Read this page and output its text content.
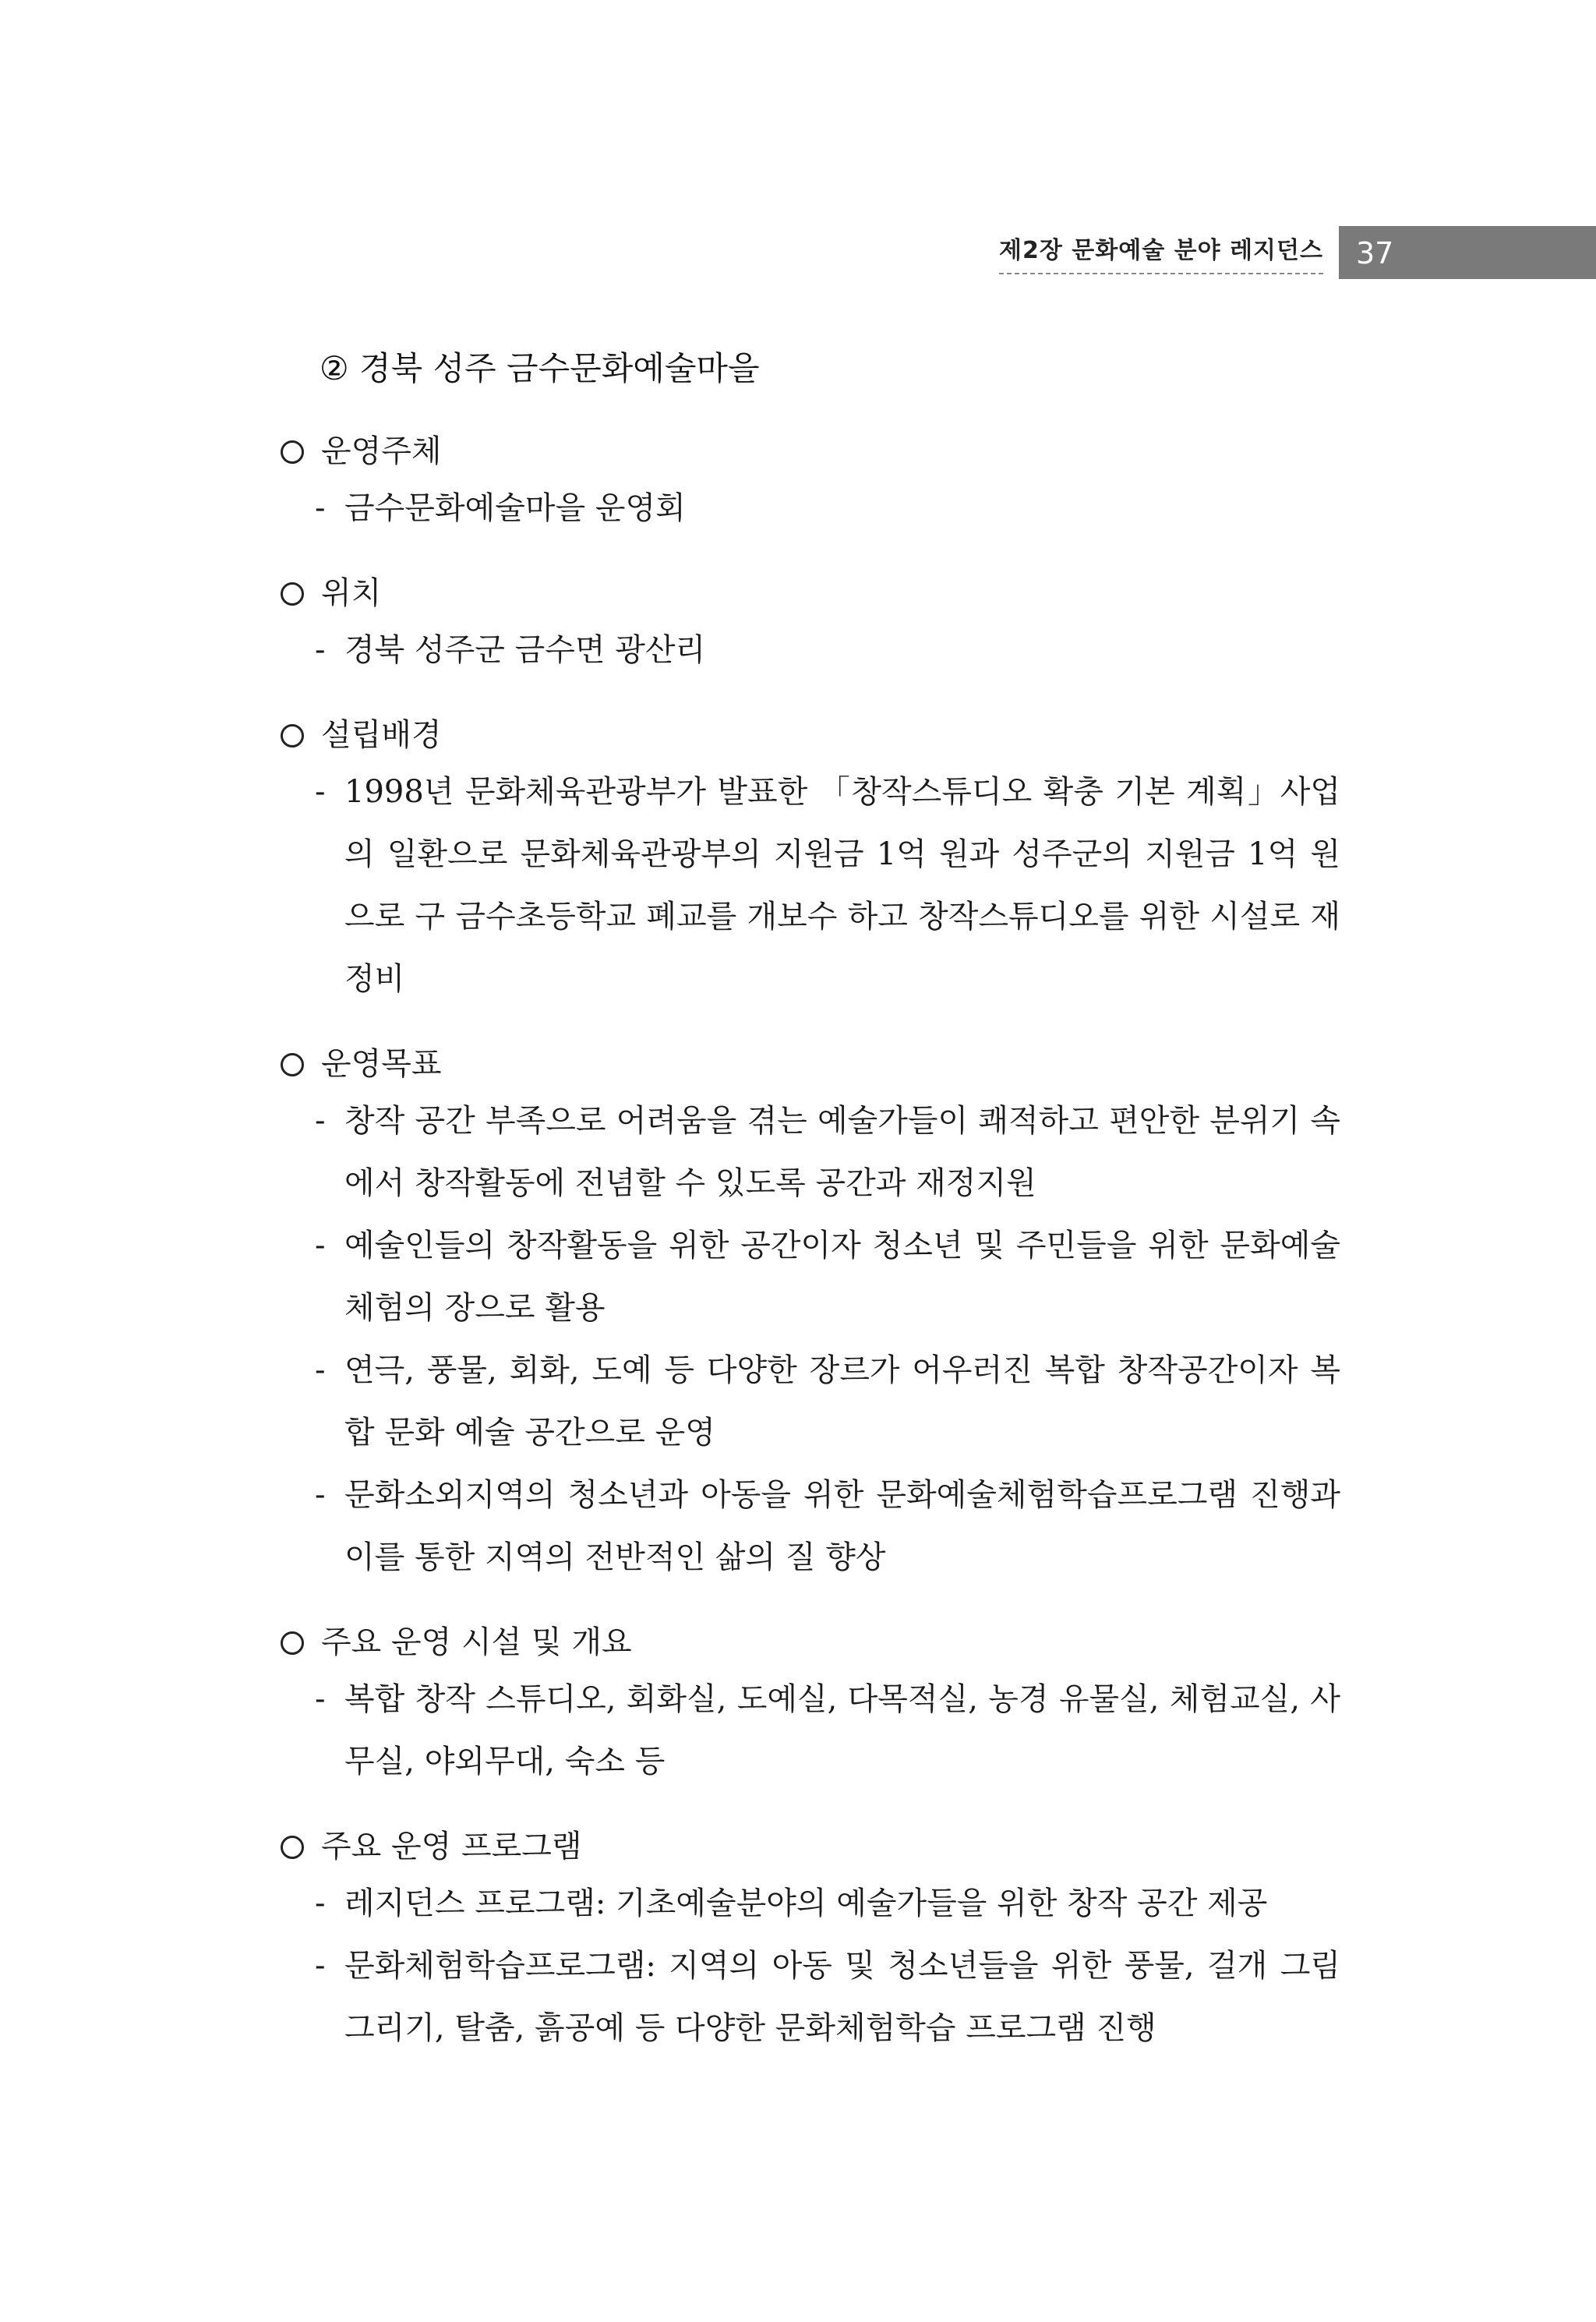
제2장 문화예술 분야 레지던스 37
② 경북 성주 금수문화예술마을
운영주체
- 금수문화예술마을 운영회
위치
- 경북 성주군 금수면 광산리
설립배경
- 1998년 문화체육관광부가 발표한 「창작스튜디오 확충 기본 계획」사업의 일환으로 문화체육관광부의 지원금 1억 원과 성주군의 지원금 1억 원으로 구 금수초등학교 폐교를 개보수 하고 창작스튜디오를 위한 시설로 재정비
운영목표
- 창작 공간 부족으로 어려움을 겪는 예술가들이 쾌적하고 편안한 분위기 속에서 창작활동에 전념할 수 있도록 공간과 재정지원
- 예술인들의 창작활동을 위한 공간이자 청소년 및 주민들을 위한 문화예술 체험의 장으로 활용
- 연극, 풍물, 회화, 도예 등 다양한 장르가 어우러진 복합 창작공간이자 복합 문화 예술 공간으로 운영
- 문화소외지역의 청소년과 아동을 위한 문화예술체험학습프로그램 진행과 이를 통한 지역의 전반적인 삶의 질 향상
주요 운영 시설 및 개요
- 복합 창작 스튜디오, 회화실, 도예실, 다목적실, 농경 유물실, 체험교실, 사무실, 야외무대, 숙소 등
주요 운영 프로그램
- 레지던스 프로그램: 기초예술분야의 예술가들을 위한 창작 공간 제공
- 문화체험학습프로그램: 지역의 아동 및 청소년들을 위한 풍물, 걸개 그림 그리기, 탈춤, 흙공예 등 다양한 문화체험학습 프로그램 진행
